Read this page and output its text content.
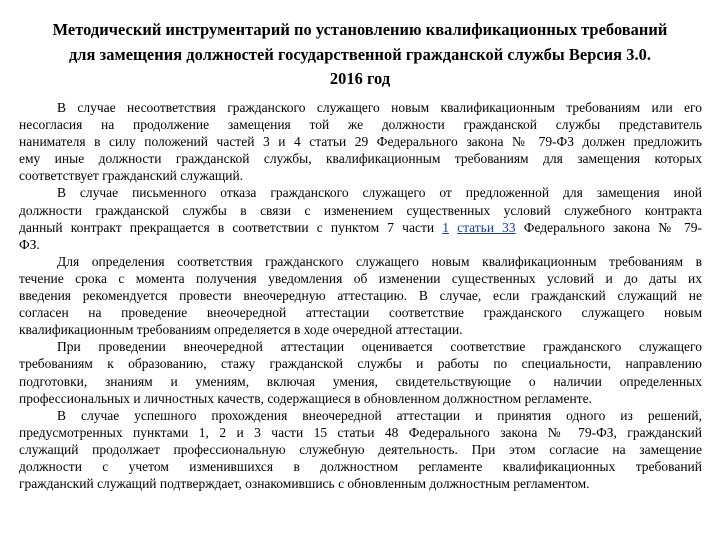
Методический инструментарий по установлению квалификационных требований
для замещения должностей государственной гражданской службы Версия 3.0.
2016 год
В случае несоответствия гражданского служащего новым квалификационным требованиям или его
несогласия на продолжение замещения той же должности гражданской службы представитель
нанимателя в силу положений частей 3 и 4 статьи 29 Федерального закона № 79-ФЗ должен предложить
ему иные должности гражданской службы, квалификационным требованиям для замещения которых
соответствует гражданский служащий.
В случае письменного отказа гражданского служащего от предложенной для замещения иной
должности гражданской службы в связи с изменением существенных условий служебного контракта
данный контракт прекращается в соответствии с пунктом 7 части 1 статьи 33 Федерального закона № 79-
ФЗ.
Для определения соответствия гражданского служащего новым квалификационным требованиям в
течение срока с момента получения уведомления об изменении существенных условий и до даты их
введения рекомендуется провести внеочередную аттестацию. В случае, если гражданский служащий не
согласен на проведение внеочередной аттестации соответствие гражданского служащего новым
квалификационным требованиям определяется в ходе очередной аттестации.
При проведении внеочередной аттестации оценивается соответствие гражданского служащего
требованиям к образованию, стажу гражданской службы и работы по специальности, направлению
подготовки, знаниям и умениям, включая умения, свидетельствующие о наличии определенных
профессиональных и личностных качеств, содержащиеся в обновленном должностном регламенте.
В случае успешного прохождения внеочередной аттестации и принятия одного из решений,
предусмотренных пунктами 1, 2 и 3 части 15 статьи 48 Федерального закона № 79-ФЗ, гражданский
служащий продолжает профессиональную служебную деятельность. При этом согласие на замещение
должности с учетом изменившихся в должностном регламенте квалификационных требований
гражданский служащий подтверждает, ознакомившись с обновленным должностным регламентом.
